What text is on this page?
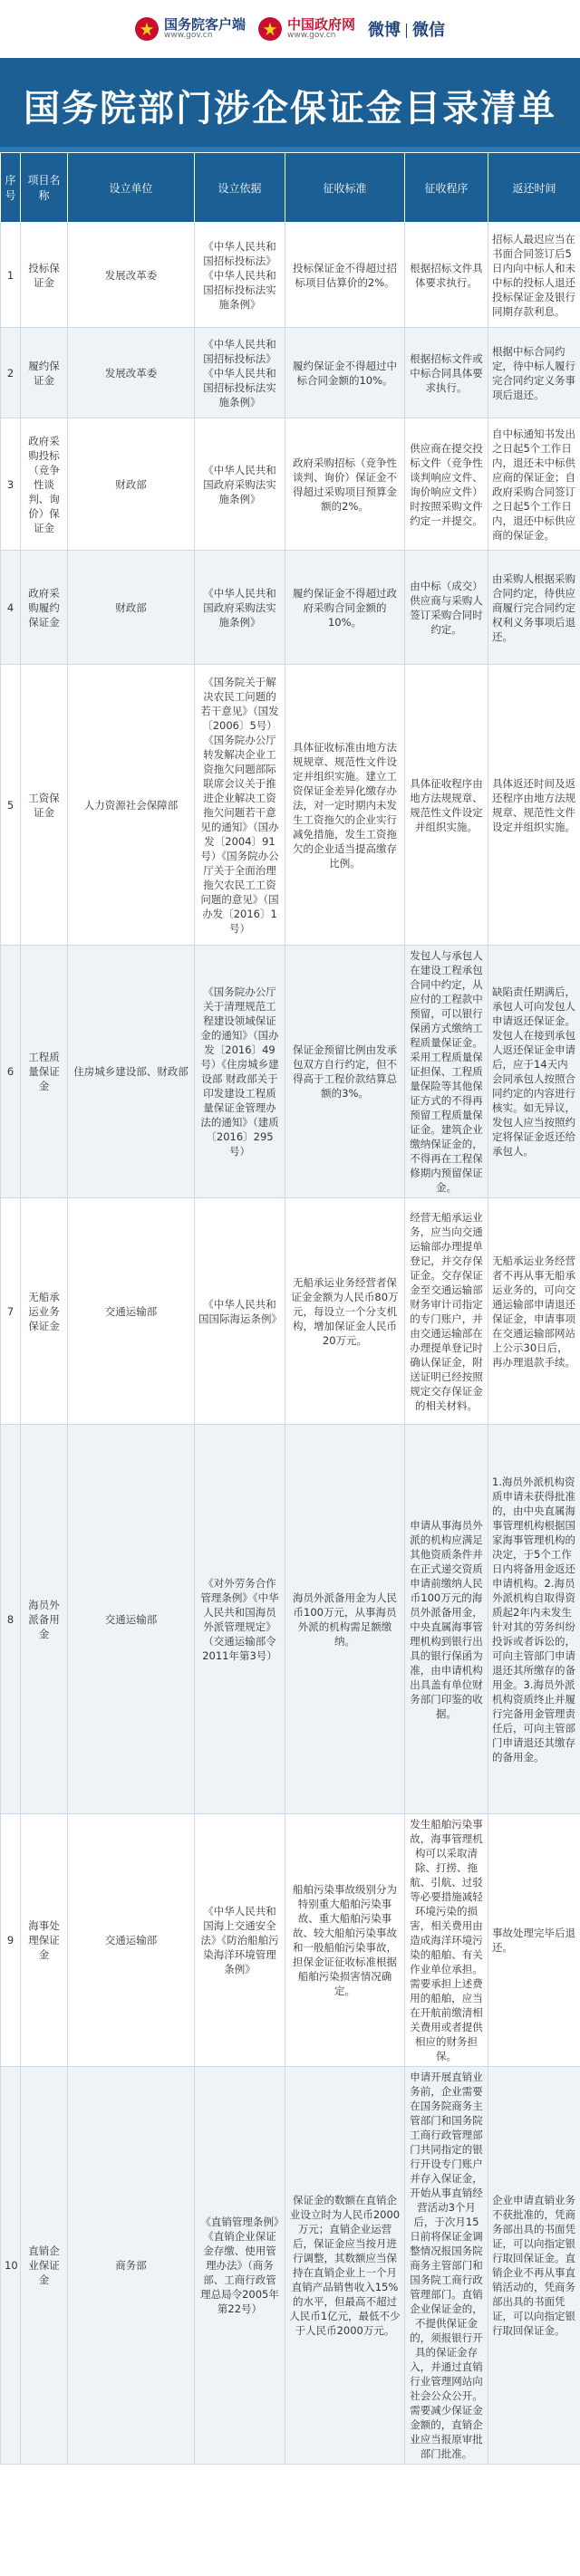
国务院客户端
www.gov.cn
中国政府网
www.gov.cn	微博 微信
国务院部门涉企保证金目录清单
序号	项目名称	设立单位	设立依据	征收标准	征收程序	返还时间
1	投标保证金	发展改革委	《中华人民共和国招标投标法》《中华人民共和国招标投标法实施条例》	投标保证金不得超过招标项目估算价的2%。	根据招标文件具体要求执行。	招标人最迟应当在书面合同签订后5日内向中标人和未中标的投标人退还投标保证金及银行同期存款利息。
2	履约保证金	发展改革委	《中华人民共和国招标投标法》《中华人民共和国招标投标法实施条例》	履约保证金不得超过中标合同金额的10%。	根据招标文件或中标合同具体要求执行。	根据中标合同约定，待中标人履行完合同约定义务事项后退还。
3	政府采购投标（竞争性谈判、询价）保证金	财政部	《中华人民共和国政府采购法实施条例》	政府采购招标（竞争性谈判、询价）保证金不得超过采购项目预算金额的2%。	供应商在提交投标文件（竞争性谈判响应文件、询价响应文件）时按照采购文件约定一并提交。	自中标通知书发出之日起5个工作日内，退还未中标供应商的保证金；自政府采购合同签订之日起5个工作日内，退还中标供应商的保证金。
4	政府采购履约保证金	财政部	《中华人民共和国政府采购法实施条例》	履约保证金不得超过政府采购合同金额的10%。	由中标（成交）供应商与采购人签订采购合同时约定。	由采购人根据采购合同约定，待供应商履行完合同约定权利义务事项后退还。
5	工资保证金	人力资源社会保障部	《国务院关于解决农民工问题的若干意见》（国发〔2006〕5号）《国务院办公厅转发解决企业工资拖欠问题部际联席会议关于推进企业解决工资拖欠问题若干意见的通知》（国办发〔2004〕91号）《国务院办公厅关于全面治理拖欠农民工工资问题的意见》（国办发〔2016〕1号）	具体征收标准由地方法规规章、规范性文件设定并组织实施。建立工资保证金差异化缴存办法，对一定时期内未发生工资拖欠的企业实行减免措施，发生工资拖欠的企业适当提高缴存比例。	具体征收程序由地方法规规章、规范性文件设定并组织实施。	具体返还时间及返还程序由地方法规规章、规范性文件设定并组织实施。
6	工程质量保证金	住房城乡建设部、财政部	《国务院办公厅关于清理规范工程建设领域保证金的通知》（国办发〔2016〕49号）《住房城乡建设部 财政部关于印发建设工程质量保证金管理办法的通知》（建质〔2016〕295号）	保证金预留比例由发承包双方自行约定，但不得高于工程价款结算总额的3%。	发包人与承包人在建设工程承包合同中约定，从应付的工程款中预留，可以银行保函方式缴纳工程质量保证金。采用工程质量保证担保、工程质量保险等其他保证方式的不得再预留工程质量保证金。建筑企业缴纳保证金的，不得再在工程保修期内预留保证金。	缺陷责任期满后，承包人可向发包人申请返还保证金。发包人在接到承包人返还保证金申请后，应于14天内会同承包人按照合同约定的内容进行核实。如无异议，发包人应当按照约定将保证金返还给承包人。
7	无船承运业务保证金	交通运输部	《中华人民共和国国际海运条例》	无船承运业务经营者保证金金额为人民币80万元，每设立一个分支机构，增加保证金人民币20万元。	经营无船承运业务，应当向交通运输部办理提单登记，并交存保证金。交存保证金至交通运输部财务审计司指定的专门账户，并由交通运输部在办理提单登记时确认保证金，附送证明已经按照规定交存保证金的相关材料。	无船承运业务经营者不再从事无船承运业务的，可向交通运输部申请退还保证金，申请事项在交通运输部网站上公示30日后，再办理退款手续。
8	海员外派备用金	交通运输部	《对外劳务合作管理条例》《中华人民共和国海员外派管理规定》（交通运输部令2011年第3号）	海员外派备用金为人民币100万元，从事海员外派的机构需足额缴纳。	申请从事海员外派的机构应满足其他资质条件并在正式递交资质申请前缴纳人民币100万元的海员外派备用金，中央直属海事管理机构到银行出具的银行保函为准，由申请机构出具盖有单位财务部门印鉴的收据。	1.海员外派机构资质申请未获得批准的，由中央直属海事管理机构根据国家海事管理机构的决定，于5个工作日内将备用金返还申请机构。2.海员外派机构自取得资质起2年内未发生针对其的劳务纠纷投诉或者诉讼的，可向主管部门申请退还其所缴存的备用金。3.海员外派机构资质终止并履行完备用金管理责任后，可向主管部门申请退还其缴存的备用金。
9	海事处理保证金	交通运输部	《中华人民共和国海上交通安全法》《防治船舶污染海洋环境管理条例》	船舶污染事故级别分为特别重大船舶污染事故、重大船舶污染事故、较大船舶污染事故和一般船舶污染事故，担保金证征收标准根据船舶污染损害情况确定。	发生船舶污染事故，海事管理机构可以采取清除、打捞、拖航、引航、过驳等必要措施减轻环境污染的损害，相关费用由造成海洋环境污染的船舶、有关作业单位承担。需要承担上述费用的船舶，应当在开航前缴清相关费用或者提供相应的财务担保。	事故处理完毕后退还。
10	直销企业保证金	商务部	《直销管理条例》《直销企业保证金存缴、使用管理办法》（商务部、工商行政管理总局令2005年第22号）	保证金的数额在直销企业设立时为人民币2000万元；直销企业运营后，保证金应当按月进行调整，其数额应当保持在直销企业上一个月直销产品销售收入15%的水平，但最高不超过人民币1亿元，最低不少于人民币2000万元。	申请开展直销业务前，企业需要在国务院商务主管部门和国务院工商行政管理部门共同指定的银行开设专门账户并存入保证金，开始从事直销经营活动3个月后，于次月15日前将保证金调整情况报国务院商务主管部门和国务院工商行政管理部门。直销企业保证金的，不提供保证金的，须报银行开具的保证金存入，并通过直销行业管理网站向社会公众公开。需要减少保证金金额的，直销企业应当报原审批部门批准。	企业申请直销业务不获批准的，凭商务部出具的书面凭证，可以向指定银行取回保证金。直销企业不再从事直销活动的，凭商务部出具的书面凭证，可以向指定银行取回保证金。
